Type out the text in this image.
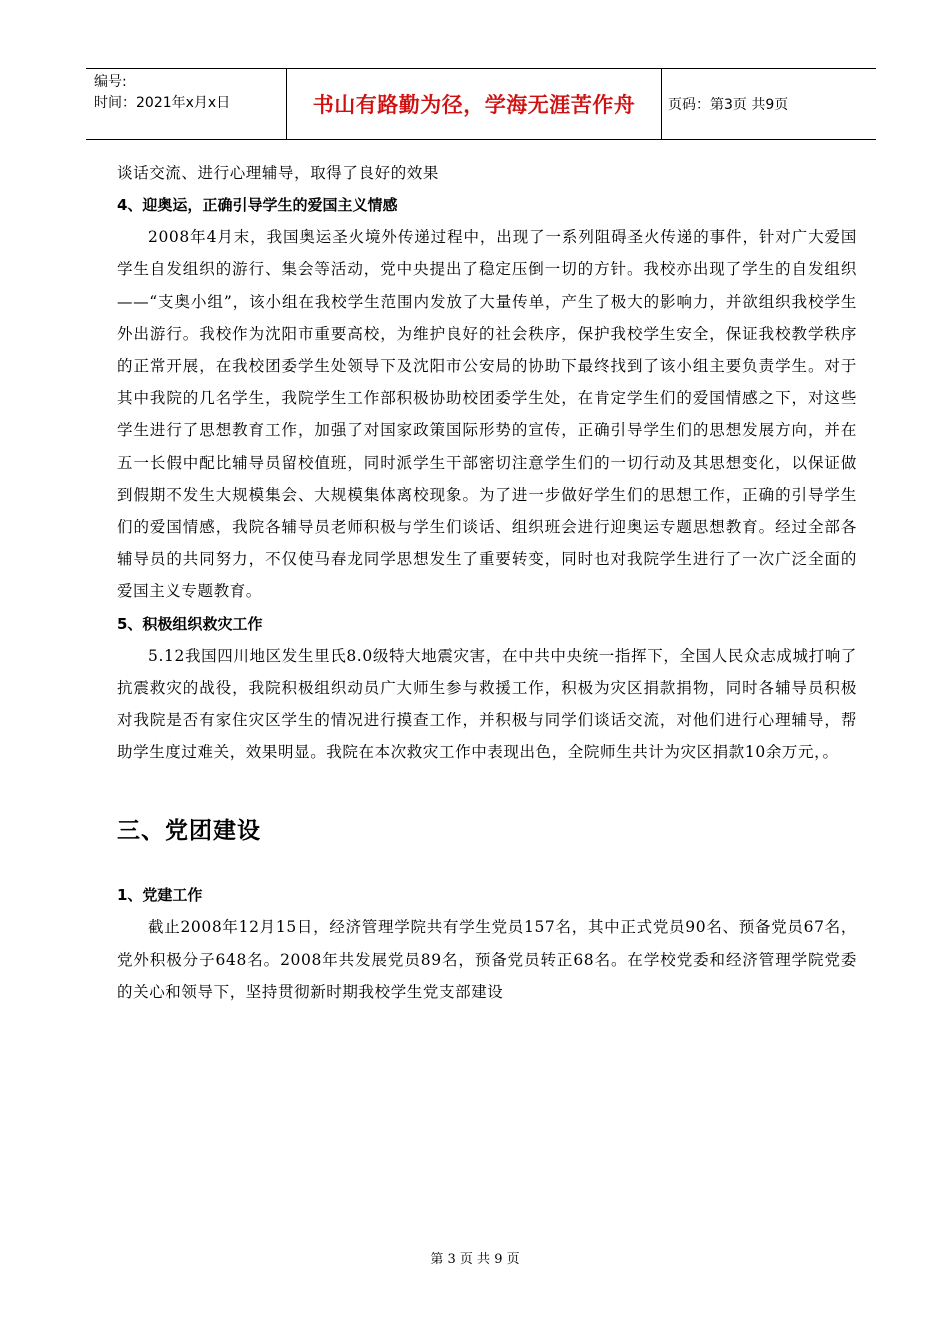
编号:
时间：2021年x月x日	书山有路勤为径，学海无涯苦作舟 页码：第3页 共9页

谈话交流、进行心理辅导，取得了良好的效果

4、迎奥运，正确引导学生的爱国主义情感

2008年4月末，我国奥运圣火境外传递过程中，出现了一系列阻碍圣火传递的事件，针对广大爱国学生自发组织的游行、集会等活动，党中央提出了稳定压倒一切的方针。我校亦出现了学生的自发组织——“支奥小组”，该小组在我校学生范围内发放了大量传单，产生了极大的影响力，并欲组织我校学生外出游行。我校作为沈阳市重要高校，为维护良好的社会秩序，保护我校学生安全，保证我校教学秩序的正常开展，在我校团委学生处领导下及沈阳市公安局的协助下最终找到了该小组主要负责学生。对于其中我院的几名学生，我院学生工作部积极协助校团委学生处，在肯定学生们的爱国情感之下，对这些学生进行了思想教育工作，加强了对国家政策国际形势的宣传，正确引导学生们的思想发展方向，并在五一长假中配比辅导员留校值班，同时派学生干部密切注意学生们的一切行动及其思想变化，以保证做到假期不发生大规模集会、大规模集体离校现象。为了进一步做好学生们的思想工作，正确的引导学生们的爱国情感，我院各辅导员老师积极与学生们谈话、组织班会进行迎奥运专题思想教育。经过全部各辅导员的共同努力，不仅使马春龙同学思想发生了重要转变，同时也对我院学生进行了一次广泛全面的爱国主义专题教育。

5、积极组织救灾工作

5.12我国四川地区发生里氏8.0级特大地震灾害，在中共中央统一指挥下，全国人民众志成城打响了抗震救灾的战役，我院积极组织动员广大师生参与救援工作，积极为灾区捐款捐物，同时各辅导员积极对我院是否有家住灾区学生的情况进行摸查工作，并积极与同学们谈话交流，对他们进行心理辅导，帮助学生度过难关，效果明显。我院在本次救灾工作中表现出色，全院师生共计为灾区捐款10余万元，。

三、党团建设

1、党建工作

截止2008年12月15日，经济管理学院共有学生党员157名，其中正式党员90名、预备党员67名，党外积极分子648名。2008年共发展党员89名，预备党员转正68名。在学校党委和经济管理学院党委的关心和领导下，坚持贯彻新时期我校学生党支部建设

第 3 页 共 9 页
